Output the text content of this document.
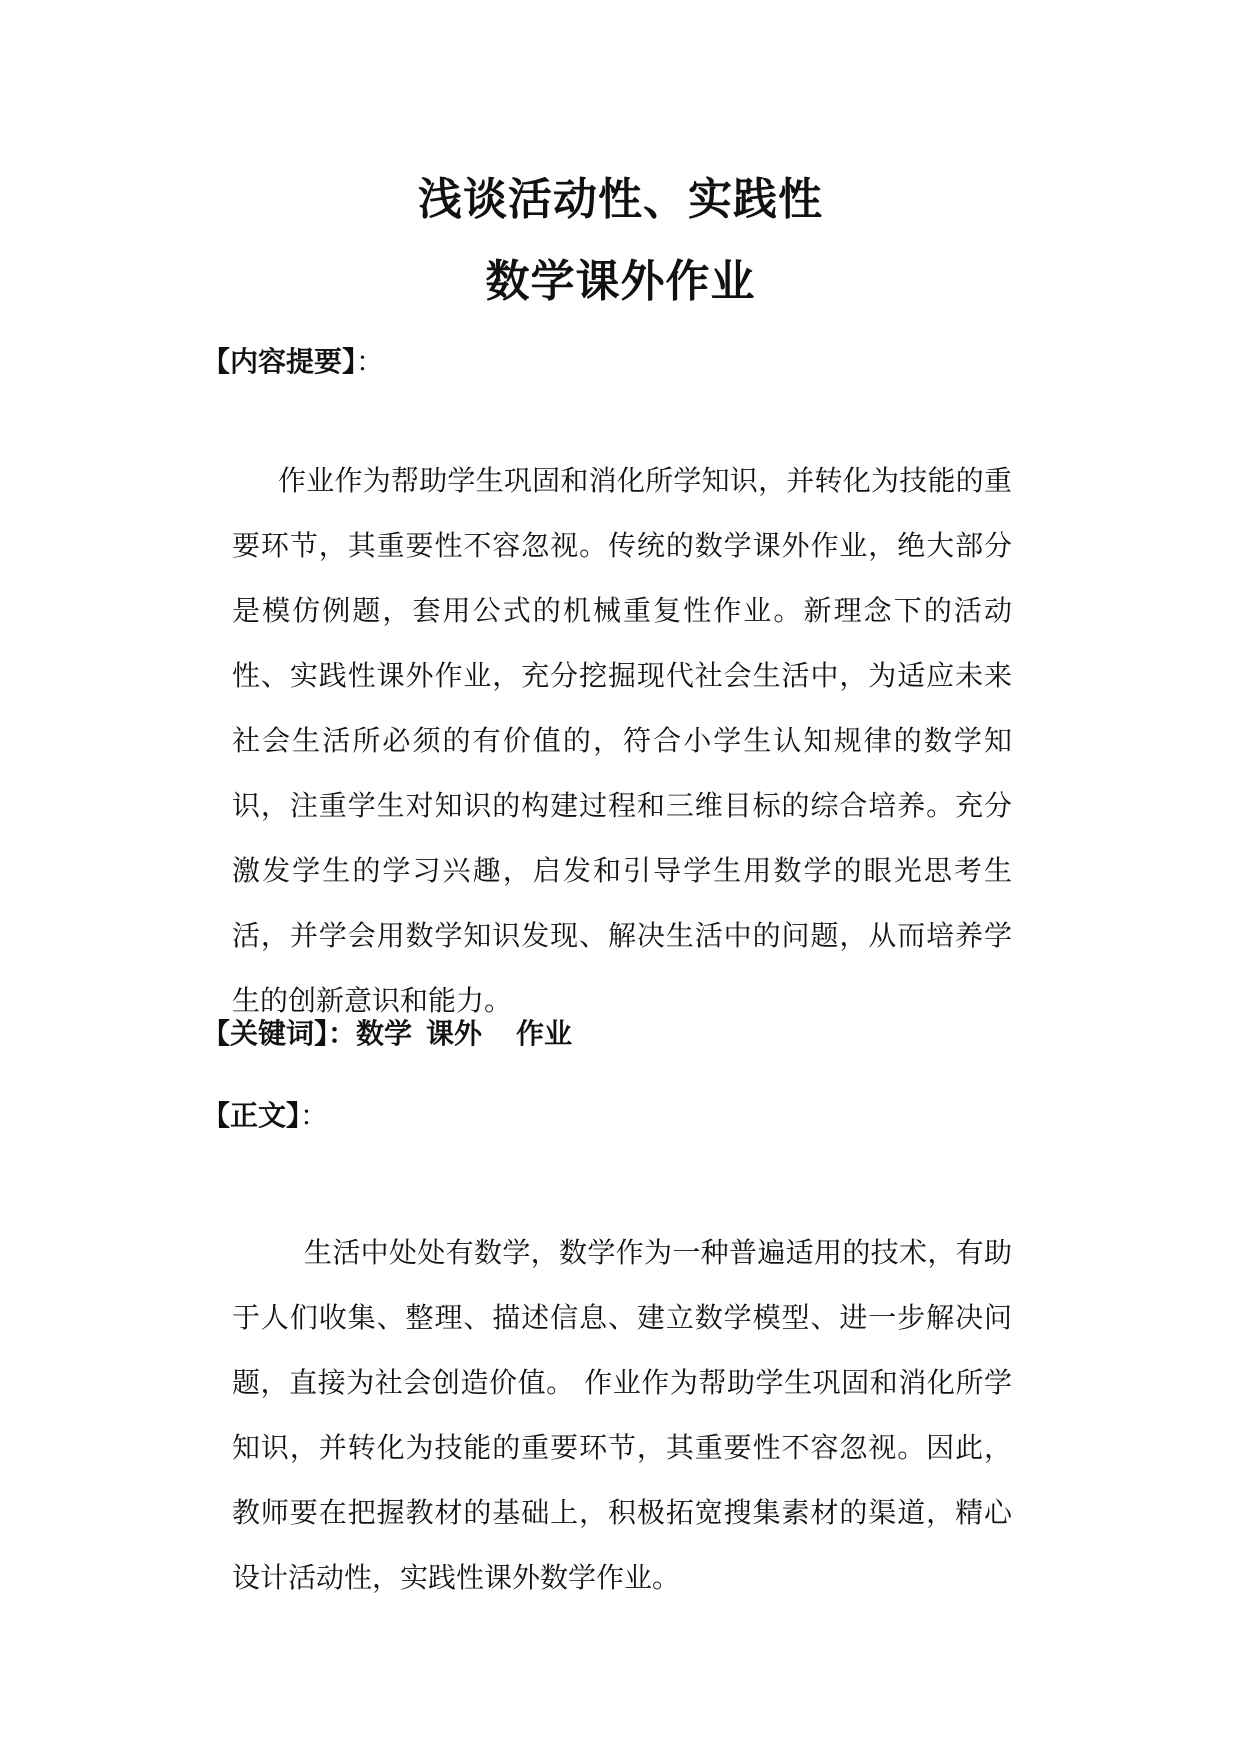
浅谈活动性、实践性
数学课外作业
【内容提要】：

作业作为帮助学生巩固和消化所学知识，并转化为技能的重要环节，其重要性不容忽视。传统的数学课外作业，绝大部分是模仿例题，套用公式的机械重复性作业。新理念下的活动性、实践性课外作业，充分挖掘现代社会生活中，为适应未来社会生活所必须的有价值的，符合小学生认知规律的数学知识，注重学生对知识的构建过程和三维目标的综合培养。充分激发学生的学习兴趣，启发和引导学生用数学的眼光思考生活，并学会用数学知识发现、解决生活中的问题，从而培养学生的创新意识和能力。

【关键词】：数学 课外 作业
【正文】：

生活中处处有数学，数学作为一种普遍适用的技术，有助于人们收集、整理、描述信息、建立数学模型、进一步解决问题，直接为社会创造价值。 作业作为帮助学生巩固和消化所学知识，并转化为技能的重要环节，其重要性不容忽视。因此，教师要在把握教材的基础上，积极拓宽搜集素材的渠道，精心设计活动性，实践性课外数学作业。
